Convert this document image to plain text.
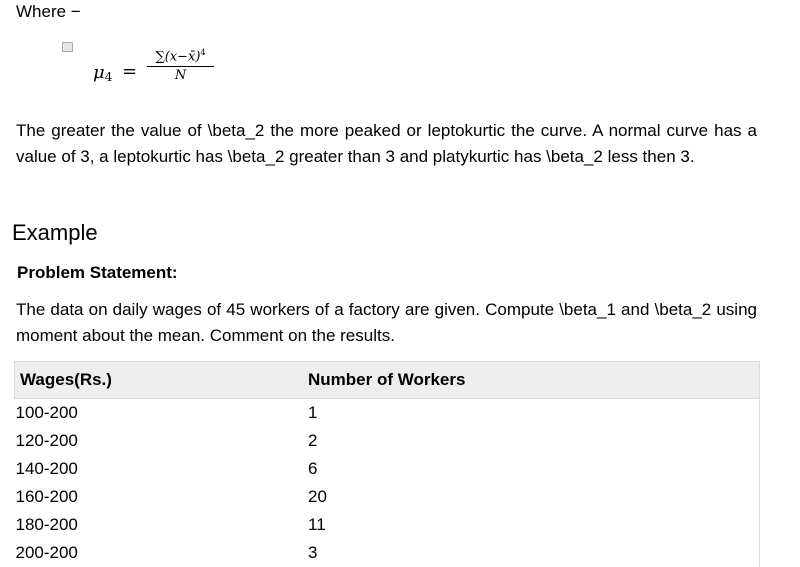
Where −
μ4 =
∑(x−x̄)$^4$
N

The greater the value of \beta_2 the more peaked or leptokurtic the curve. A normal curve has a value of 3, a leptokurtic has \beta_2 greater than 3 and platykurtic has \beta_2 less then 3.

Example

Problem Statement:

The data on daily wages of 45 workers of a factory are given. Compute \beta_1 and \beta_2 using moment about the mean. Comment on the results.

Wages(Rs.)	Number of Workers
100-200	1
120-200	2
140-200	6
160-200	20
180-200	11
200-200	3
